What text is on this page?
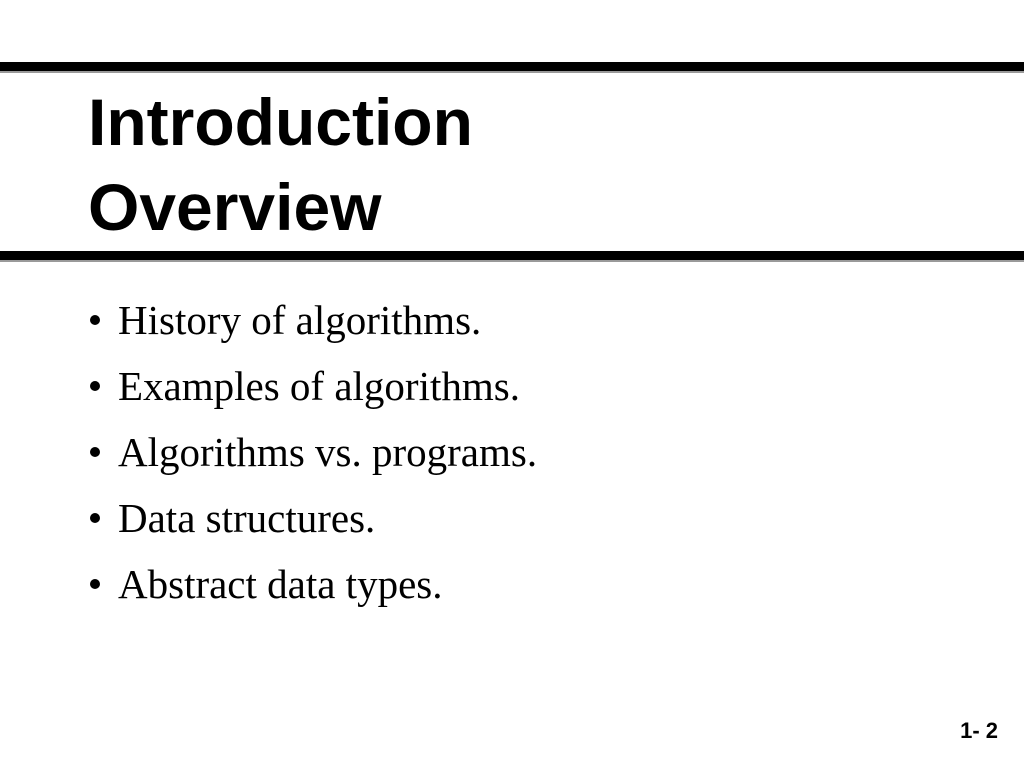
Introduction
Overview
History of algorithms.
Examples of algorithms.
Algorithms vs. programs.
Data structures.
Abstract data types.
1- 2
